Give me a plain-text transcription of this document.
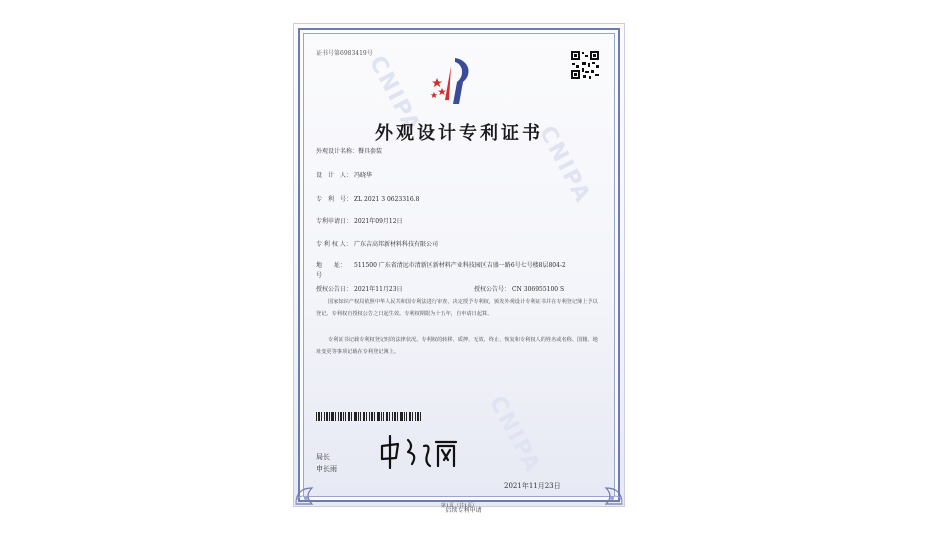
CNIPA
CNIPA
CNIPA
证书号第6983419号
外观设计专利证书
外观设计名称：餐具套装
设　计　人： 冯晓华
专　利　号： ZL 2021 3 0623316.8
专利申请日： 2021年09月12日
专 利 权 人： 广东吉高邦新材料科技有限公司
地　　址： 511500 广东省清远市清新区新材料产业科技园区吉盛一路6号七号楼8层804-2号
授权公告日： 2021年11月23日	授权公告号： CN 306955100 S
国家知识产权局依照中华人民共和国专利法进行审查，决定授予专利权，颁发外观设计专利证书并在专利登记簿上予以登记。专利权自授权公告之日起生效。专利权期限为十五年，自申请日起算。
专利证书记载专利权登记时的法律状况。专利权的转移、质押、无效、终止、恢复和专利权人的姓名或名称、国籍、地址变更等事项记载在专利登记簿上。
局长
申长雨
2021年11月23日
第1页（共1页）
后续专利申请
